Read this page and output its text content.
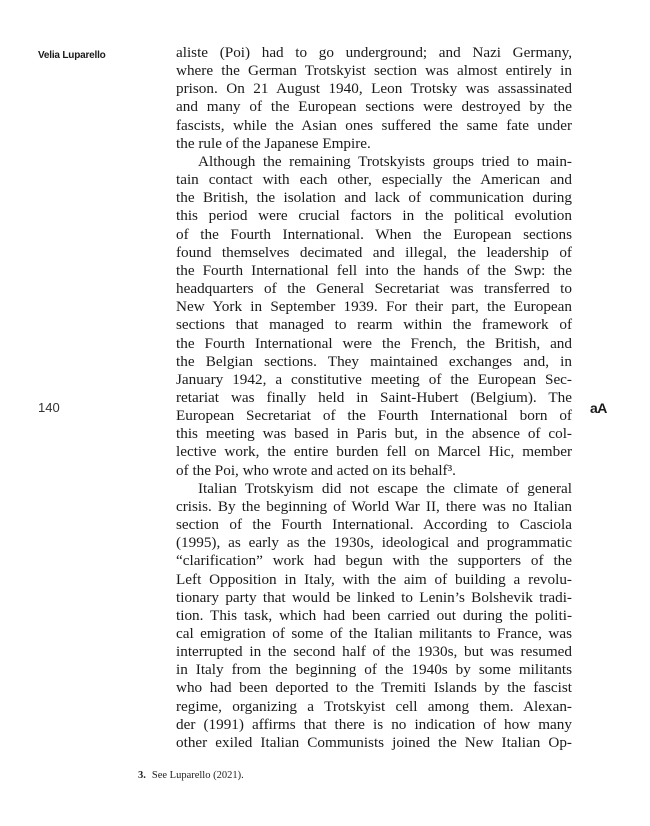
Velia Luparello
140	aA
aliste (Poi) had to go underground; and Nazi Germany,
where the German Trotskyist section was almost entirely in
prison. On 21 August 1940, Leon Trotsky was assassinated
and many of the European sections were destroyed by the
fascists, while the Asian ones suffered the same fate under
the rule of the Japanese Empire.
Although the remaining Trotskyists groups tried to main-
tain contact with each other, especially the American and
the British, the isolation and lack of communication during
this period were crucial factors in the political evolution
of the Fourth International. When the European sections
found themselves decimated and illegal, the leadership of
the Fourth International fell into the hands of the Swp: the
headquarters of the General Secretariat was transferred to
New York in September 1939. For their part, the European
sections that managed to rearm within the framework of
the Fourth International were the French, the British, and
the Belgian sections. They maintained exchanges and, in
January 1942, a constitutive meeting of the European Sec-
retariat was finally held in Saint-Hubert (Belgium). The
European Secretariat of the Fourth International born of
this meeting was based in Paris but, in the absence of col-
lective work, the entire burden fell on Marcel Hic, member
of the Poi, who wrote and acted on its behalf³.
Italian Trotskyism did not escape the climate of general
crisis. By the beginning of World War II, there was no Italian
section of the Fourth International. According to Casciola
(1995), as early as the 1930s, ideological and programmatic
“clarification” work had begun with the supporters of the
Left Opposition in Italy, with the aim of building a revolu-
tionary party that would be linked to Lenin’s Bolshevik tradi-
tion. This task, which had been carried out during the politi-
cal emigration of some of the Italian militants to France, was
interrupted in the second half of the 1930s, but was resumed
in Italy from the beginning of the 1940s by some militants
who had been deported to the Tremiti Islands by the fascist
regime, organizing a Trotskyist cell among them. Alexan-
der (1991) affirms that there is no indication of how many
other exiled Italian Communists joined the New Italian Op-
3. See Luparello (2021).
